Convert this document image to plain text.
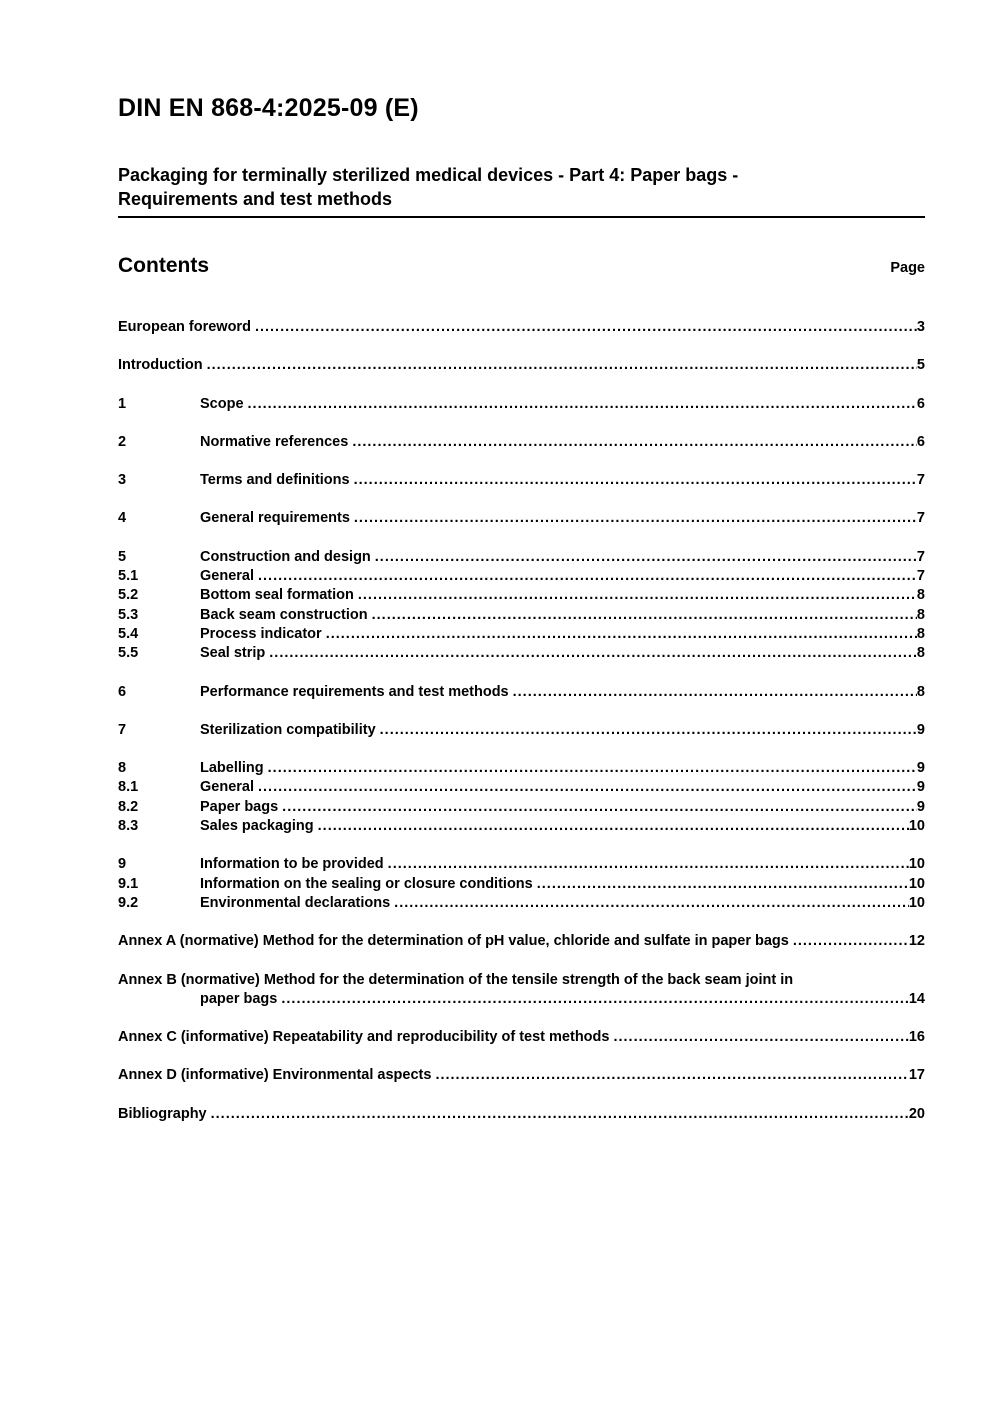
DIN EN 868-4:2025-09 (E)
Packaging for terminally sterilized medical devices - Part 4: Paper bags -
Requirements and test methods
Contents	Page
European foreword .....	3
Introduction .....	5
1	Scope .....	6
2	Normative references .....	6
3	Terms and definitions .....	7
4	General requirements .....	7
5	Construction and design .....	7
5.1	General .....	7
5.2	Bottom seal formation .....	8
5.3	Back seam construction .....	8
5.4	Process indicator .....	8
5.5	Seal strip .....	8
6	Performance requirements and test methods .....	8
7	Sterilization compatibility .....	9
8	Labelling .....	9
8.1	General .....	9
8.2	Paper bags .....	9
8.3	Sales packaging .....	10
9	Information to be provided .....	10
9.1	Information on the sealing or closure conditions .....	10
9.2	Environmental declarations .....	10
Annex A (normative) Method for the determination of pH value, chloride and sulfate in paper bags .....	12
Annex B (normative) Method for the determination of the tensile strength of the back seam joint in
paper bags .....	14
Annex C (informative) Repeatability and reproducibility of test methods .....	16
Annex D (informative) Environmental aspects .....	17
Bibliography .....	20
